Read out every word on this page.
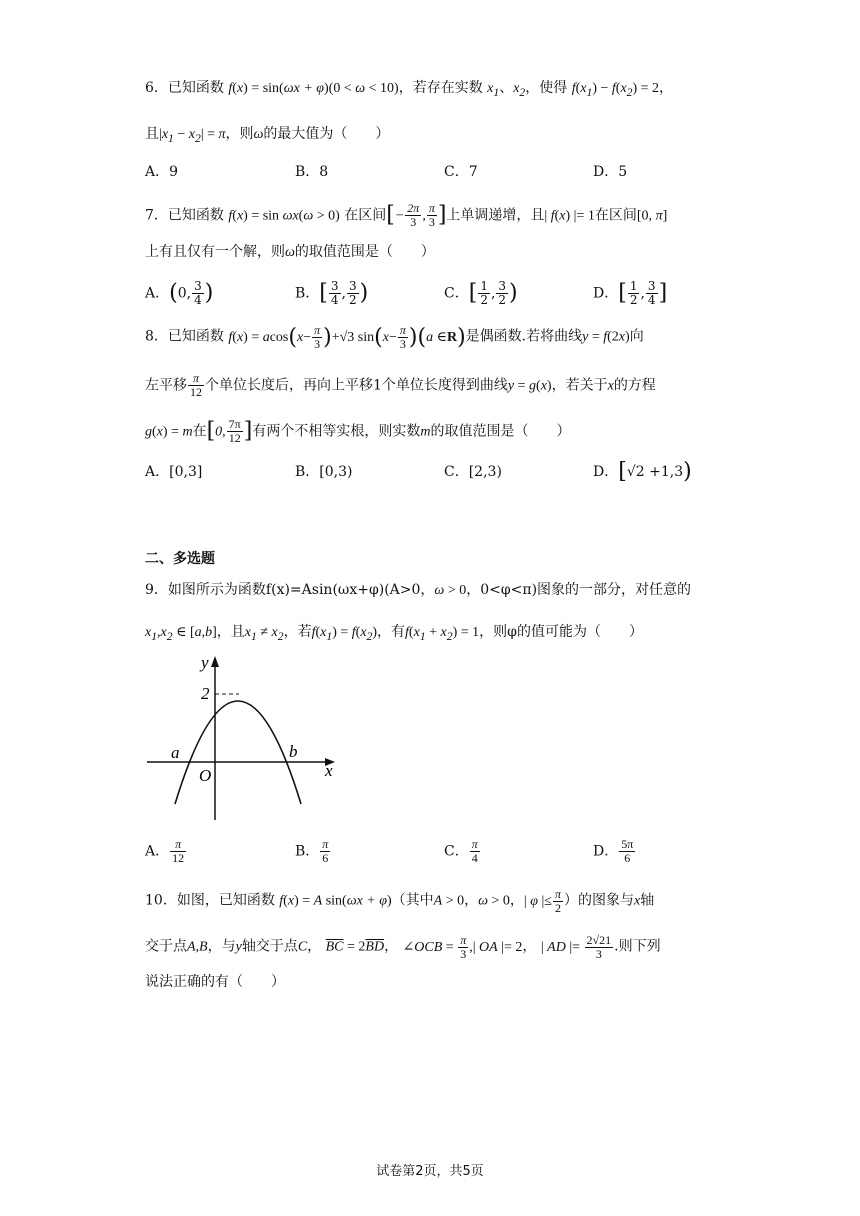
6．已知函数 f(x) = sin(ωx + φ)(0 < ω < 10)，若存在实数 $x_1$、$x_2$，使得 $f(x_1) - f(x_2) = 2$，
且$|x_1 - x_2| = \pi$，则ω的最大值为（　　）
A．9	B．8	C．7	D．5
7．已知函数 f(x) = sin ωx(ω > 0) 在区间[− $\frac{2\pi}{3}$ , $\frac{\pi}{3}$ ]上单调递增，且| f(x) |= 1在区间[0, π]
上有且仅有一个解，则ω的取值范围是（　　）
A．(0, $\frac{3}{4}$ )	B．[ $\frac{3}{4}$ , $\frac{3}{2}$ )	C．[ $\frac{1}{2}$ , $\frac{3}{2}$ )	D．[ $\frac{1}{2}$ , $\frac{3}{4}$ ]
8．已知函数 $f(x) = acos(x- \frac{\pi}{3} )+√3$ $\sin(x- \frac{\pi}{3} )(a$ ∈R)是偶函数.若将曲线y = f(2x)向
左平移 $\frac{\pi}{12}$ 个单位长度后，再向上平移1个单位长度得到曲线y = g(x)，若关于x的方程
g(x) = m在[0, $\frac{7\pi}{12}$ ]有两个不相等实根，则实数m的取值范围是（　　）
A．[0,3]	B．[0,3)	C．[2,3)	D．[√2 +1,3)
二、多选题
9．如图所示为函数f(x)=Asin(ωx+φ)(A>0，ω > 0，0<φ<π)图象的一部分，对任意的
$x_1,x_2$ ∈ [a,b]，且$x_1 \ne x_2$，若$f(x_1) = f(x_2)$，有$f(x_1 + x_2) = 1$，则φ的值可能为（　　）
y
2
a	b
O	x
A． $\frac{\pi}{12}$	B． $\frac{\pi}{6}$	C． $\frac{\pi}{4}$	D． $\frac{5\pi}{6}$
10．如图，已知函数 f(x) = A sin(ωx + φ)（其中A > 0，ω > 0，| φ |≤ $\frac{\pi}{2}$ ）的图象与x轴
交于点A,B，与y轴交于点C， $\overline{BC} = 2\overline{BD}$， ∠OCB = $\frac{\pi}{3}$ ,| OA |= 2， | AD |= $\frac{2√21}{3}$ .则下列
说法正确的有（　　）
试卷第2页，共5页
